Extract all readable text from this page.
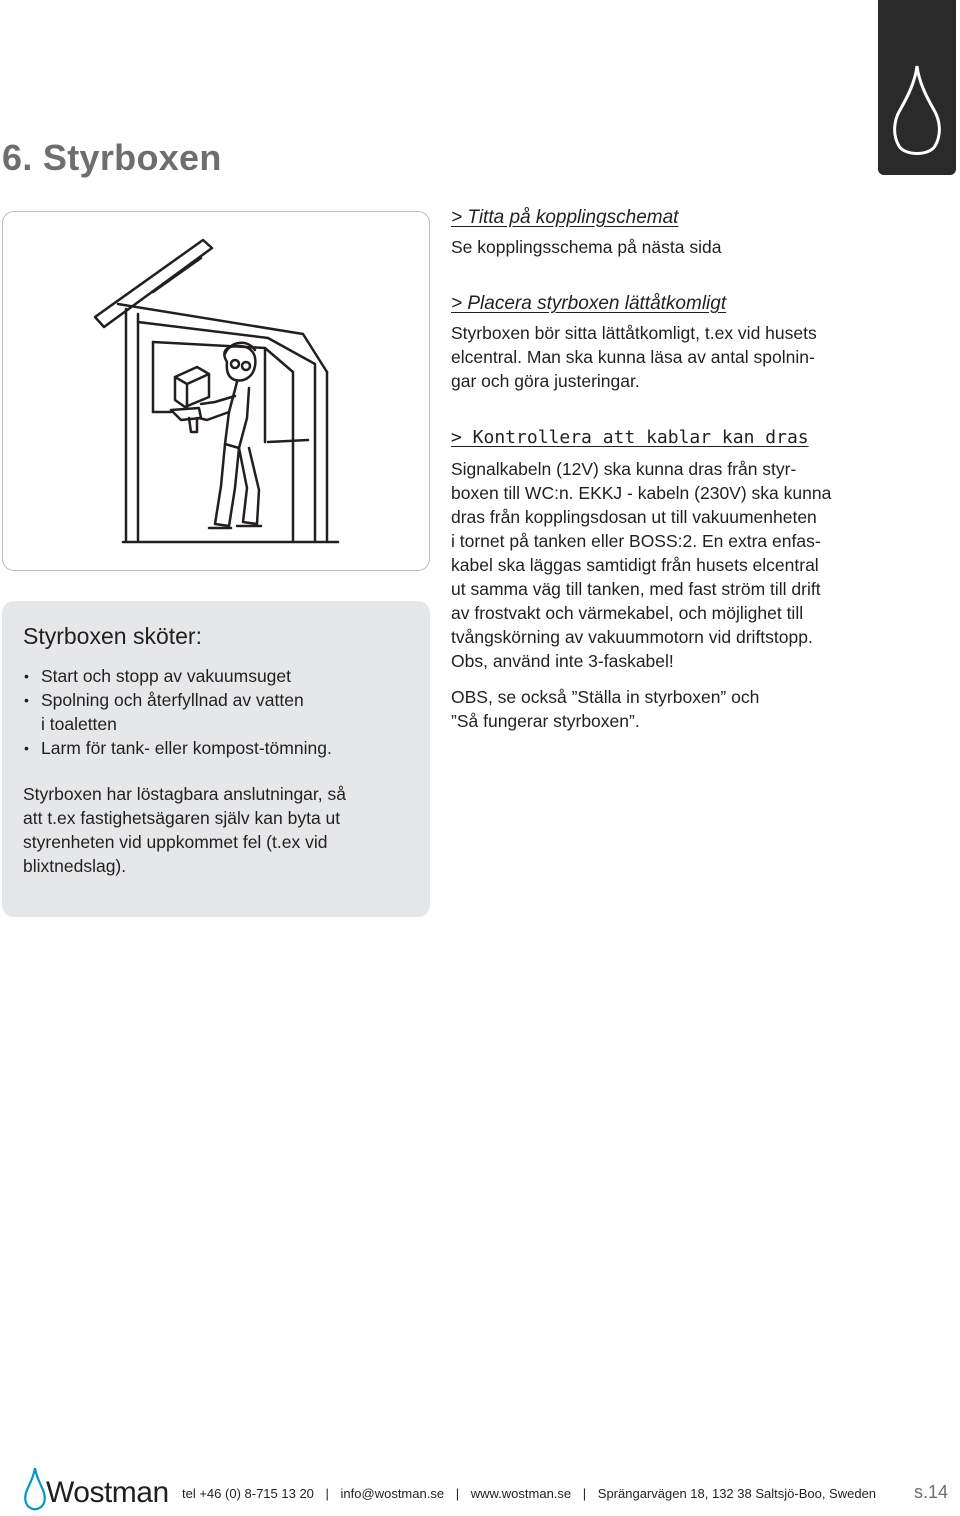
6. Styrboxen
Styrboxen sköter:
• Start och stopp av vakuumsuget
• Spolning och återfyllnad av vatten
i toaletten
• Larm för tank- eller kompost-tömning.

Styrboxen har löstagbara anslutningar, så

att t.ex fastighetsägaren själv kan byta ut

styrenheten vid uppkommet fel (t.ex vid

blixtnedslag).

> Titta på kopplingschemat

Se kopplingsschema på nästa sida

> Placera styrboxen lättåtkomligt

Styrboxen bör sitta lättåtkomligt, t.ex vid husets

elcentral. Man ska kunna läsa av antal spolnin-

gar och göra justeringar.

> Kontrollera att kablar kan dras

Signalkabeln (12V) ska kunna dras från styr-

boxen till WC:n. EKKJ - kabeln (230V) ska kunna

dras från kopplingsdosan ut till vakuumenheten

i tornet på tanken eller BOSS:2. En extra enfas-

kabel ska läggas samtidigt från husets elcentral

ut samma väg till tanken, med fast ström till drift

av frostvakt och värmekabel, och möjlighet till

tvångskörning av vakuummotorn vid driftstopp.

Obs, använd inte 3-faskabel!

OBS, se också ”Ställa in styrboxen” och

”Så fungerar styrboxen”.

Wostman tel +46 (0) 8-715 13 20 | info@wostman.se | www.wostman.se | Sprängarvägen 18, 132 38 Saltsjö-Boo, Sweden s.14
